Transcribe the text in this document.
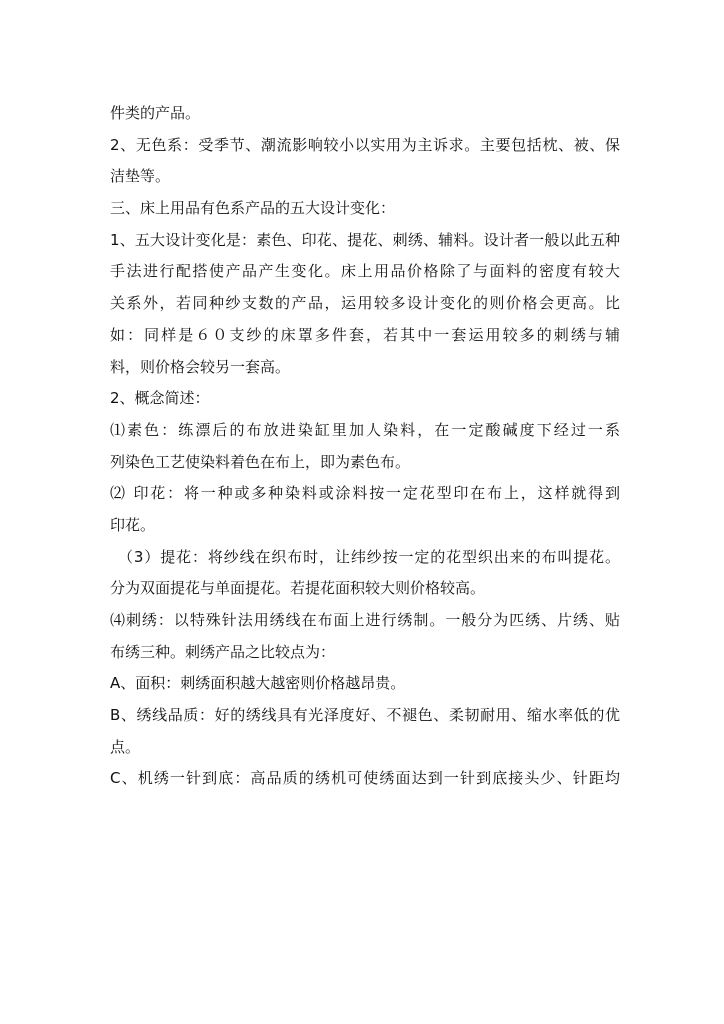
件类的产品。
2、无色系：受季节、潮流影响较小以实用为主诉求。主要包括枕、被、保
洁垫等。
三、床上用品有色系产品的五大设计变化：
1、五大设计变化是：素色、印花、提花、刺绣、辅料。设计者一般以此五种
手法进行配搭使产品产生变化。床上用品价格除了与面料的密度有较大
关系外，若同种纱支数的产品，运用较多设计变化的则价格会更高。比
如：同样是６０支纱的床罩多件套，若其中一套运用较多的刺绣与辅
料，则价格会较另一套高。
2、概念简述：
⑴素色：练漂后的布放进染缸里加人染料，在一定酸碱度下经过一系
列染色工艺使染料着色在布上，即为素色布。
⑵ 印花：将一种或多种染料或涂料按一定花型印在布上，这样就得到
印花。
（3）提花：将纱线在织布时，让纬纱按一定的花型织出来的布叫提花。
分为双面提花与单面提花。若提花面积较大则价格较高。
⑷刺绣：以特殊针法用绣线在布面上进行绣制。一般分为匹绣、片绣、贴
布绣三种。刺绣产品之比较点为：
A、面积：刺绣面积越大越密则价格越昂贵。
B、绣线品质：好的绣线具有光泽度好、不褪色、柔韧耐用、缩水率低的优
点。
C、机绣一针到底：高品质的绣机可使绣面达到一针到底接头少、针距均
